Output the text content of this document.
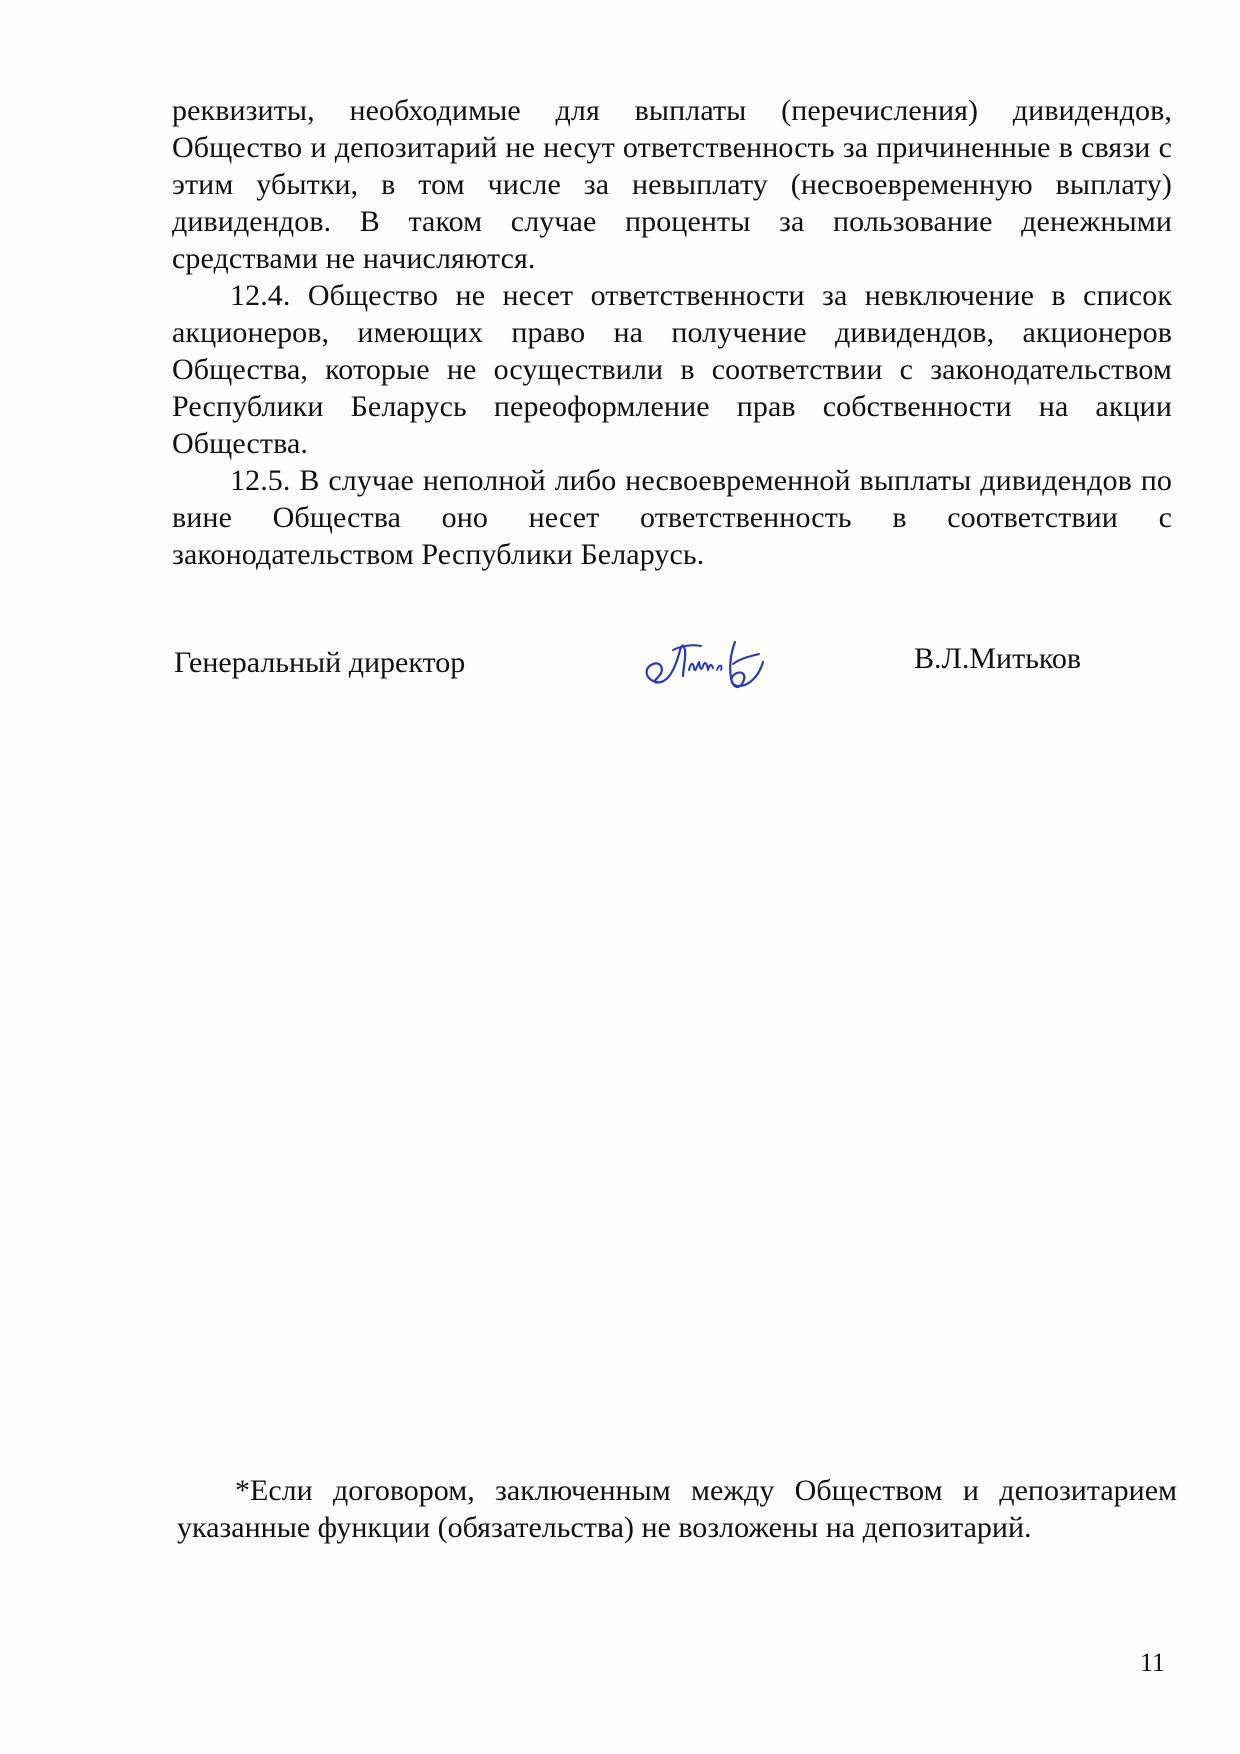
реквизиты, необходимые для выплаты (перечисления) дивидендов, Общество и депозитарий не несут ответственность за причиненные в связи с этим убытки, в том числе за невыплату (несвоевременную выплату) дивидендов. В таком случае проценты за пользование денежными средствами не начисляются.

12.4. Общество не несет ответственности за невключение в список акционеров, имеющих право на получение дивидендов, акционеров Общества, которые не осуществили в соответствии с законодательством Республики Беларусь переоформление прав собственности на акции Общества.

12.5. В случае неполной либо несвоевременной выплаты дивидендов по вине Общества оно несет ответственность в соответствии с законодательством Республики Беларусь.

Генеральный директор	В.Л.Митьков

*Если договором, заключенным между Обществом и депозитарием указанные функции (обязательства) не возложены на депозитарий.

11
